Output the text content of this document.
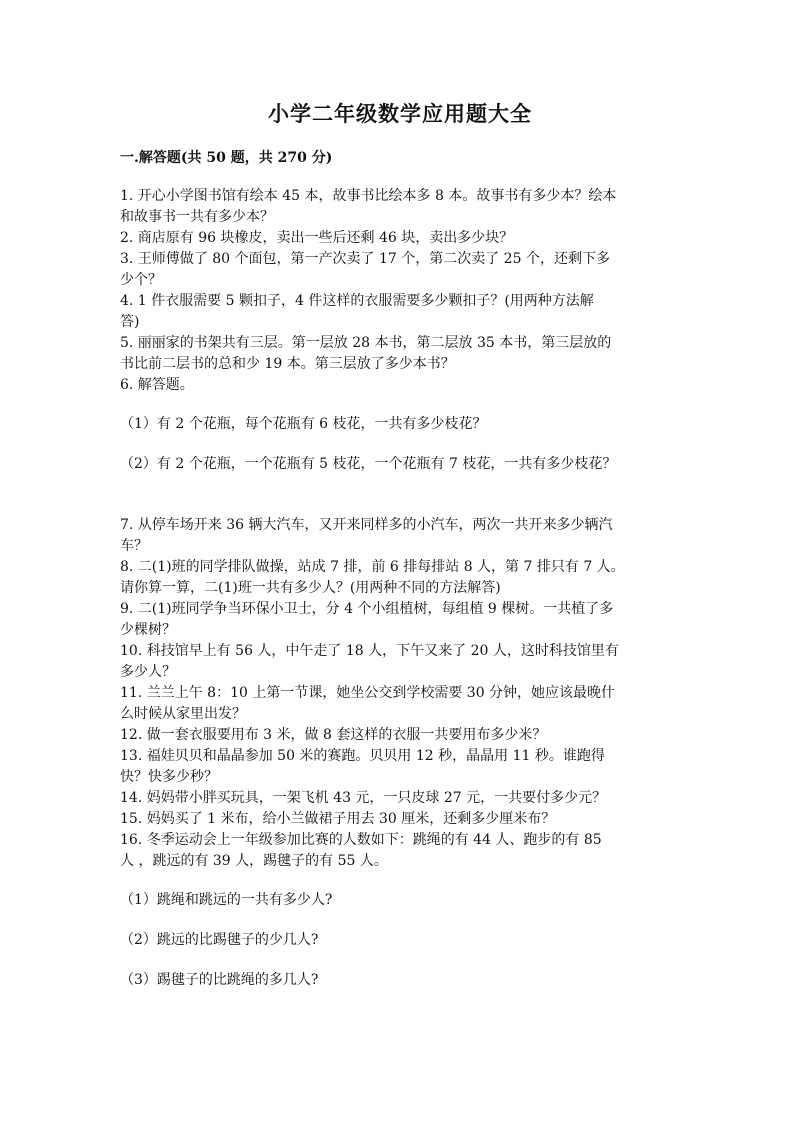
小学二年级数学应用题大全
一.解答题(共 50 题，共 270 分)
1. 开心小学图书馆有绘本 45 本，故事书比绘本多 8 本。故事书有多少本？绘本
和故事书一共有多少本？
2. 商店原有 96 块橡皮，卖出一些后还剩 46 块，卖出多少块？
3. 王师傅做了 80 个面包，第一产次卖了 17 个，第二次卖了 25 个，还剩下多
少个？
4. 1 件衣服需要 5 颗扣子，4 件这样的衣服需要多少颗扣子？(用两种方法解
答)
5. 丽丽家的书架共有三层。第一层放 28 本书，第二层放 35 本书，第三层放的
书比前二层书的总和少 19 本。第三层放了多少本书？
6. 解答题。
（1）有 2 个花瓶，每个花瓶有 6 枝花，一共有多少枝花？
（2）有 2 个花瓶，一个花瓶有 5 枝花，一个花瓶有 7 枝花，一共有多少枝花？
7. 从停车场开来 36 辆大汽车，又开来同样多的小汽车，两次一共开来多少辆汽
车？
8. 二(1)班的同学排队做操，站成 7 排，前 6 排每排站 8 人，第 7 排只有 7 人。
请你算一算，二(1)班一共有多少人？(用两种不同的方法解答)
9. 二(1)班同学争当环保小卫士，分 4 个小组植树，每组植 9 棵树。一共植了多
少棵树？
10. 科技馆早上有 56 人，中午走了 18 人，下午又来了 20 人，这时科技馆里有
多少人？
11. 兰兰上午 8：10 上第一节课，她坐公交到学校需要 30 分钟，她应该最晚什
么时候从家里出发？
12. 做一套衣服要用布 3 米，做 8 套这样的衣服一共要用布多少米？
13. 福娃贝贝和晶晶参加 50 米的赛跑。贝贝用 12 秒，晶晶用 11 秒。谁跑得
快？快多少秒？
14. 妈妈带小胖买玩具，一架飞机 43 元，一只皮球 27 元，一共要付多少元？
15. 妈妈买了 1 米布，给小兰做裙子用去 30 厘米，还剩多少厘米布？
16. 冬季运动会上一年级参加比赛的人数如下：跳绳的有 44 人、跑步的有 85
人 ，跳远的有 39 人，踢毽子的有 55 人。
（1）跳绳和跳远的一共有多少人?
（2）跳远的比踢毽子的少几人?
（3）踢毽子的比跳绳的多几人?
